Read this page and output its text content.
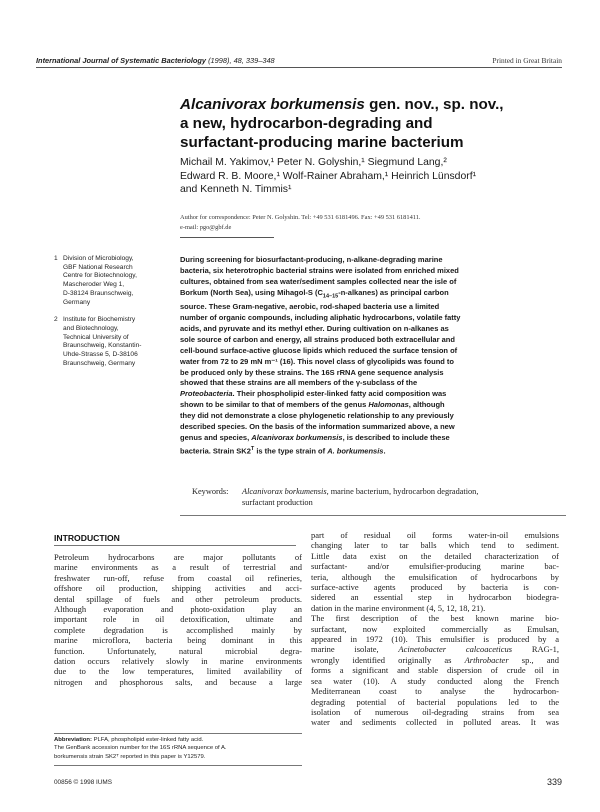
International Journal of Systematic Bacteriology (1998), 48, 339–348	Printed in Great Britain
Alcanivorax borkumensis gen. nov., sp. nov.,
a new, hydrocarbon-degrading and
surfactant-producing marine bacterium
Michail M. Yakimov,¹ Peter N. Golyshin,¹ Siegmund Lang,²
Edward R. B. Moore,¹ Wolf-Rainer Abraham,¹ Heinrich Lünsdorf¹
and Kenneth N. Timmis¹
Author for correspondence: Peter N. Golyshin. Tel: +49 531 6181496. Fax: +49 531 6181411.
e-mail: pgo@gbf.de
1 Division of Microbiology,
GBF National Research
Centre for Biotechnology,
Mascheroder Weg 1,
D-38124 Braunschweig,
Germany
2 Institute for Biochemistry
and Biotechnology,
Technical University of
Braunschweig, Konstantin-
Uhde-Strasse 5, D-38106
Braunschweig, Germany
During screening for biosurfactant-producing, n-alkane-degrading marine
bacteria, six heterotrophic bacterial strains were isolated from enriched mixed
cultures, obtained from sea water/sediment samples collected near the isle of
Borkum (North Sea), using Mihagol-S $(C_{14-15}-n-alkanes)$ as principal carbon
source. These Gram-negative, aerobic, rod-shaped bacteria use a limited
number of organic compounds, including aliphatic hydrocarbons, volatile fatty
acids, and pyruvate and its methyl ether. During cultivation on n-alkanes as
sole source of carbon and energy, all strains produced both extracellular and
cell-bound surface-active glucose lipids which reduced the surface tension of
water from 72 to 29 mN m⁻¹ (16). This novel class of glycolipids was found to
be produced only by these strains. The 16S rRNA gene sequence analysis
showed that these strains are all members of the γ-subclass of the
Proteobacteria. Their phospholipid ester-linked fatty acid composition was
shown to be similar to that of members of the genus Halomonas, although
they did not demonstrate a close phylogenetic relationship to any previously
described species. On the basis of the information summarized above, a new
genus and species, Alcanivorax borkumensis, is described to include these
bacteria. Strain $SK2^T$ is the type strain of A. borkumensis.
Keywords: Alcanivorax borkumensis, marine bacterium, hydrocarbon degradation,
surfactant production
INTRODUCTION
Petroleum hydrocarbons are major pollutants of
marine environments as a result of terrestrial and
freshwater run-off, refuse from coastal oil refineries,
offshore oil production, shipping activities and acci-
dental spillage of fuels and other petroleum products.
Although evaporation and photo-oxidation play an
important role in oil detoxification, ultimate and
complete degradation is accomplished mainly by
marine microflora, bacteria being dominant in this
function. Unfortunately, natural microbial degra-
dation occurs relatively slowly in marine environments
due to the low temperatures, limited availability of
nitrogen and phosphorous salts, and because a large
part of residual oil forms water-in-oil emulsions
changing later to tar balls which tend to sediment.
Little data exist on the detailed characterization of
surfactant- and/or emulsifier-producing marine bac-
teria, although the emulsification of hydrocarbons by
surface-active agents produced by bacteria is con-
sidered an essential step in hydrocarbon biodegra-
dation in the marine environment (4, 5, 12, 18, 21).
The first description of the best known marine bio-
surfactant, now exploited commercially as Emulsan,
appeared in 1972 (10). This emulsifier is produced by a
marine isolate, Acinetobacter calcoaceticus RAG-1,
wrongly identified originally as Arthrobacter sp., and
forms a significant and stable dispersion of crude oil in
sea water (10). A study conducted along the French
Mediterranean coast to analyse the hydrocarbon-
degrading potential of bacterial populations led to the
isolation of numerous oil-degrading strains from sea
water and sediments collected in polluted areas. It was
Abbreviation: PLFA, phospholipid ester-linked fatty acid.
The GenBank accession number for the 16S rRNA sequence of A.
borkumensis strain SK2ᵀ reported in this paper is Y12579.
00856 © 1998 IUMS	339
